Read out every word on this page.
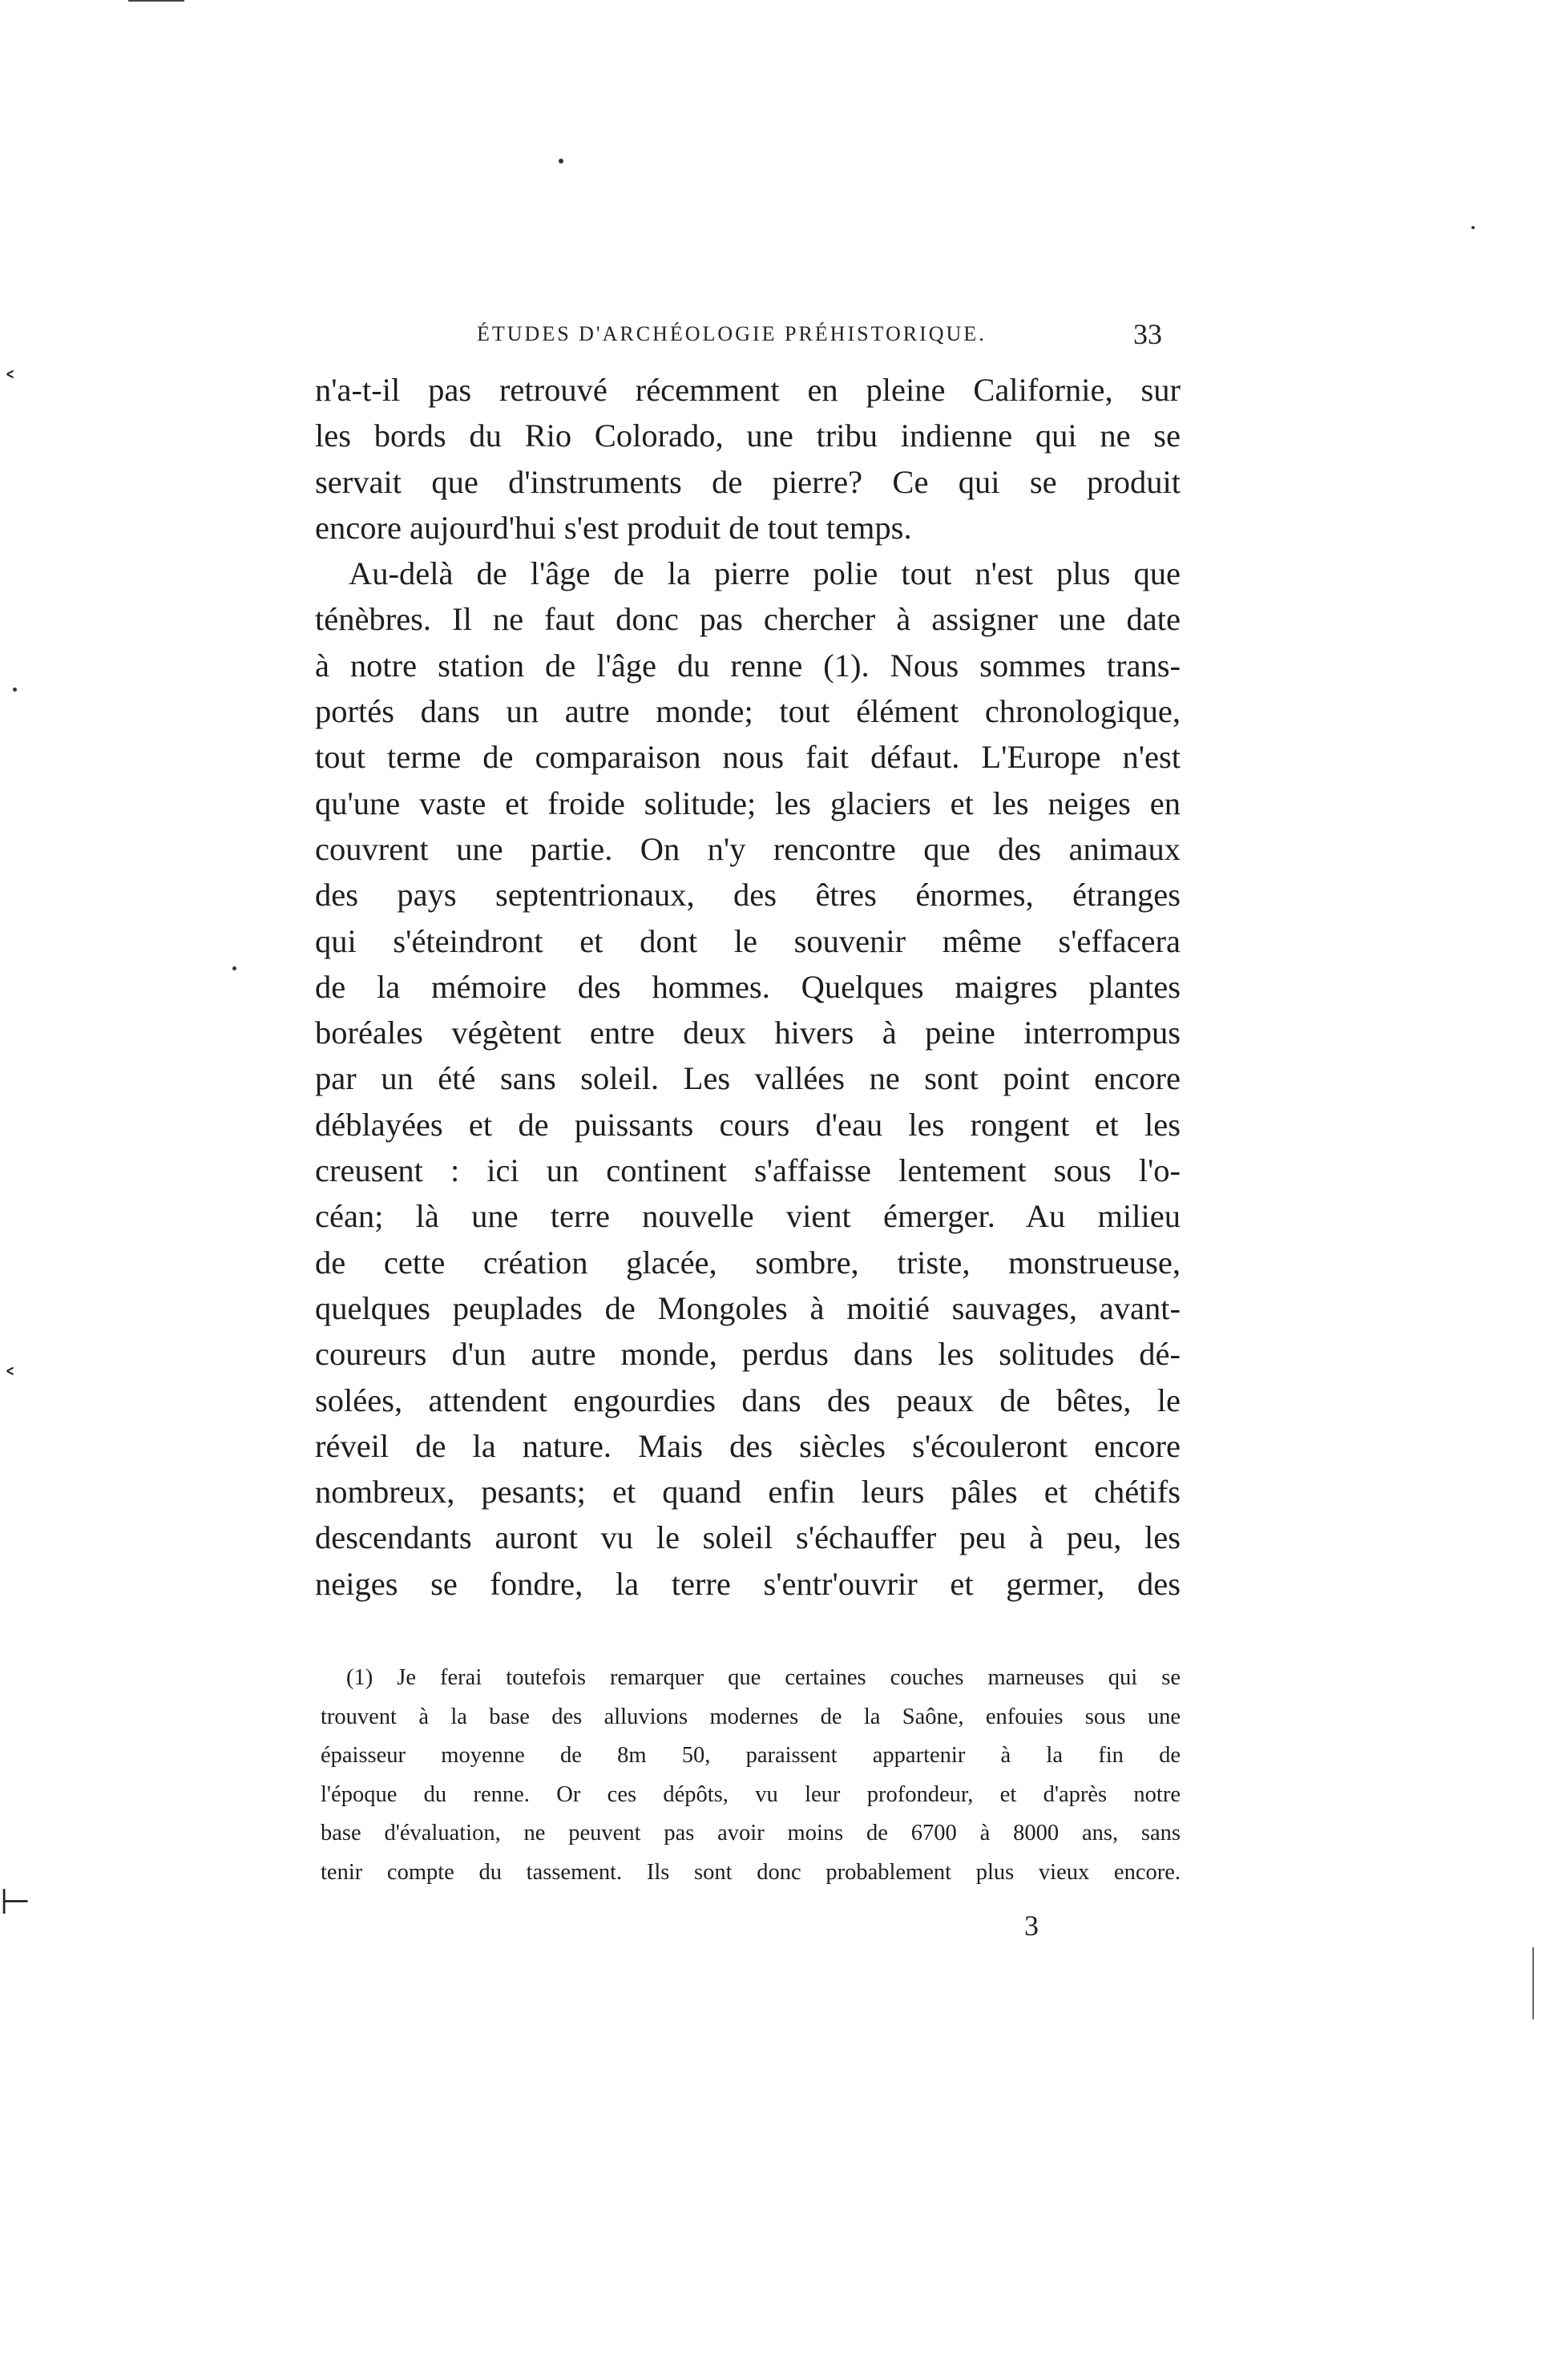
˂
˂
⊢
ÉTUDES D'ARCHÉOLOGIE PRÉHISTORIQUE.	33
n'a-t-il pas retrouvé récemment en pleine Californie, sur
les bords du Rio Colorado, une tribu indienne qui ne se
servait que d'instruments de pierre? Ce qui se produit
encore aujourd'hui s'est produit de tout temps.
Au-delà de l'âge de la pierre polie tout n'est plus que
ténèbres. Il ne faut donc pas chercher à assigner une date
à notre station de l'âge du renne (1). Nous sommes trans-
portés dans un autre monde; tout élément chronologique,
tout terme de comparaison nous fait défaut. L'Europe n'est
qu'une vaste et froide solitude; les glaciers et les neiges en
couvrent une partie. On n'y rencontre que des animaux
des pays septentrionaux, des êtres énormes, étranges
qui s'éteindront et dont le souvenir même s'effacera
de la mémoire des hommes. Quelques maigres plantes
boréales végètent entre deux hivers à peine interrompus
par un été sans soleil. Les vallées ne sont point encore
déblayées et de puissants cours d'eau les rongent et les
creusent : ici un continent s'affaisse lentement sous l'o-
céan; là une terre nouvelle vient émerger. Au milieu
de cette création glacée, sombre, triste, monstrueuse,
quelques peuplades de Mongoles à moitié sauvages, avant-
coureurs d'un autre monde, perdus dans les solitudes dé-
solées, attendent engourdies dans des peaux de bêtes, le
réveil de la nature. Mais des siècles s'écouleront encore
nombreux, pesants; et quand enfin leurs pâles et chétifs
descendants auront vu le soleil s'échauffer peu à peu, les
neiges se fondre, la terre s'entr'ouvrir et germer, des
(1) Je ferai toutefois remarquer que certaines couches marneuses qui se
trouvent à la base des alluvions modernes de la Saône, enfouies sous une
épaisseur moyenne de 8m 50, paraissent appartenir à la fin de
l'époque du renne. Or ces dépôts, vu leur profondeur, et d'après notre
base d'évaluation, ne peuvent pas avoir moins de 6700 à 8000 ans, sans
tenir compte du tassement. Ils sont donc probablement plus vieux encore.
3
